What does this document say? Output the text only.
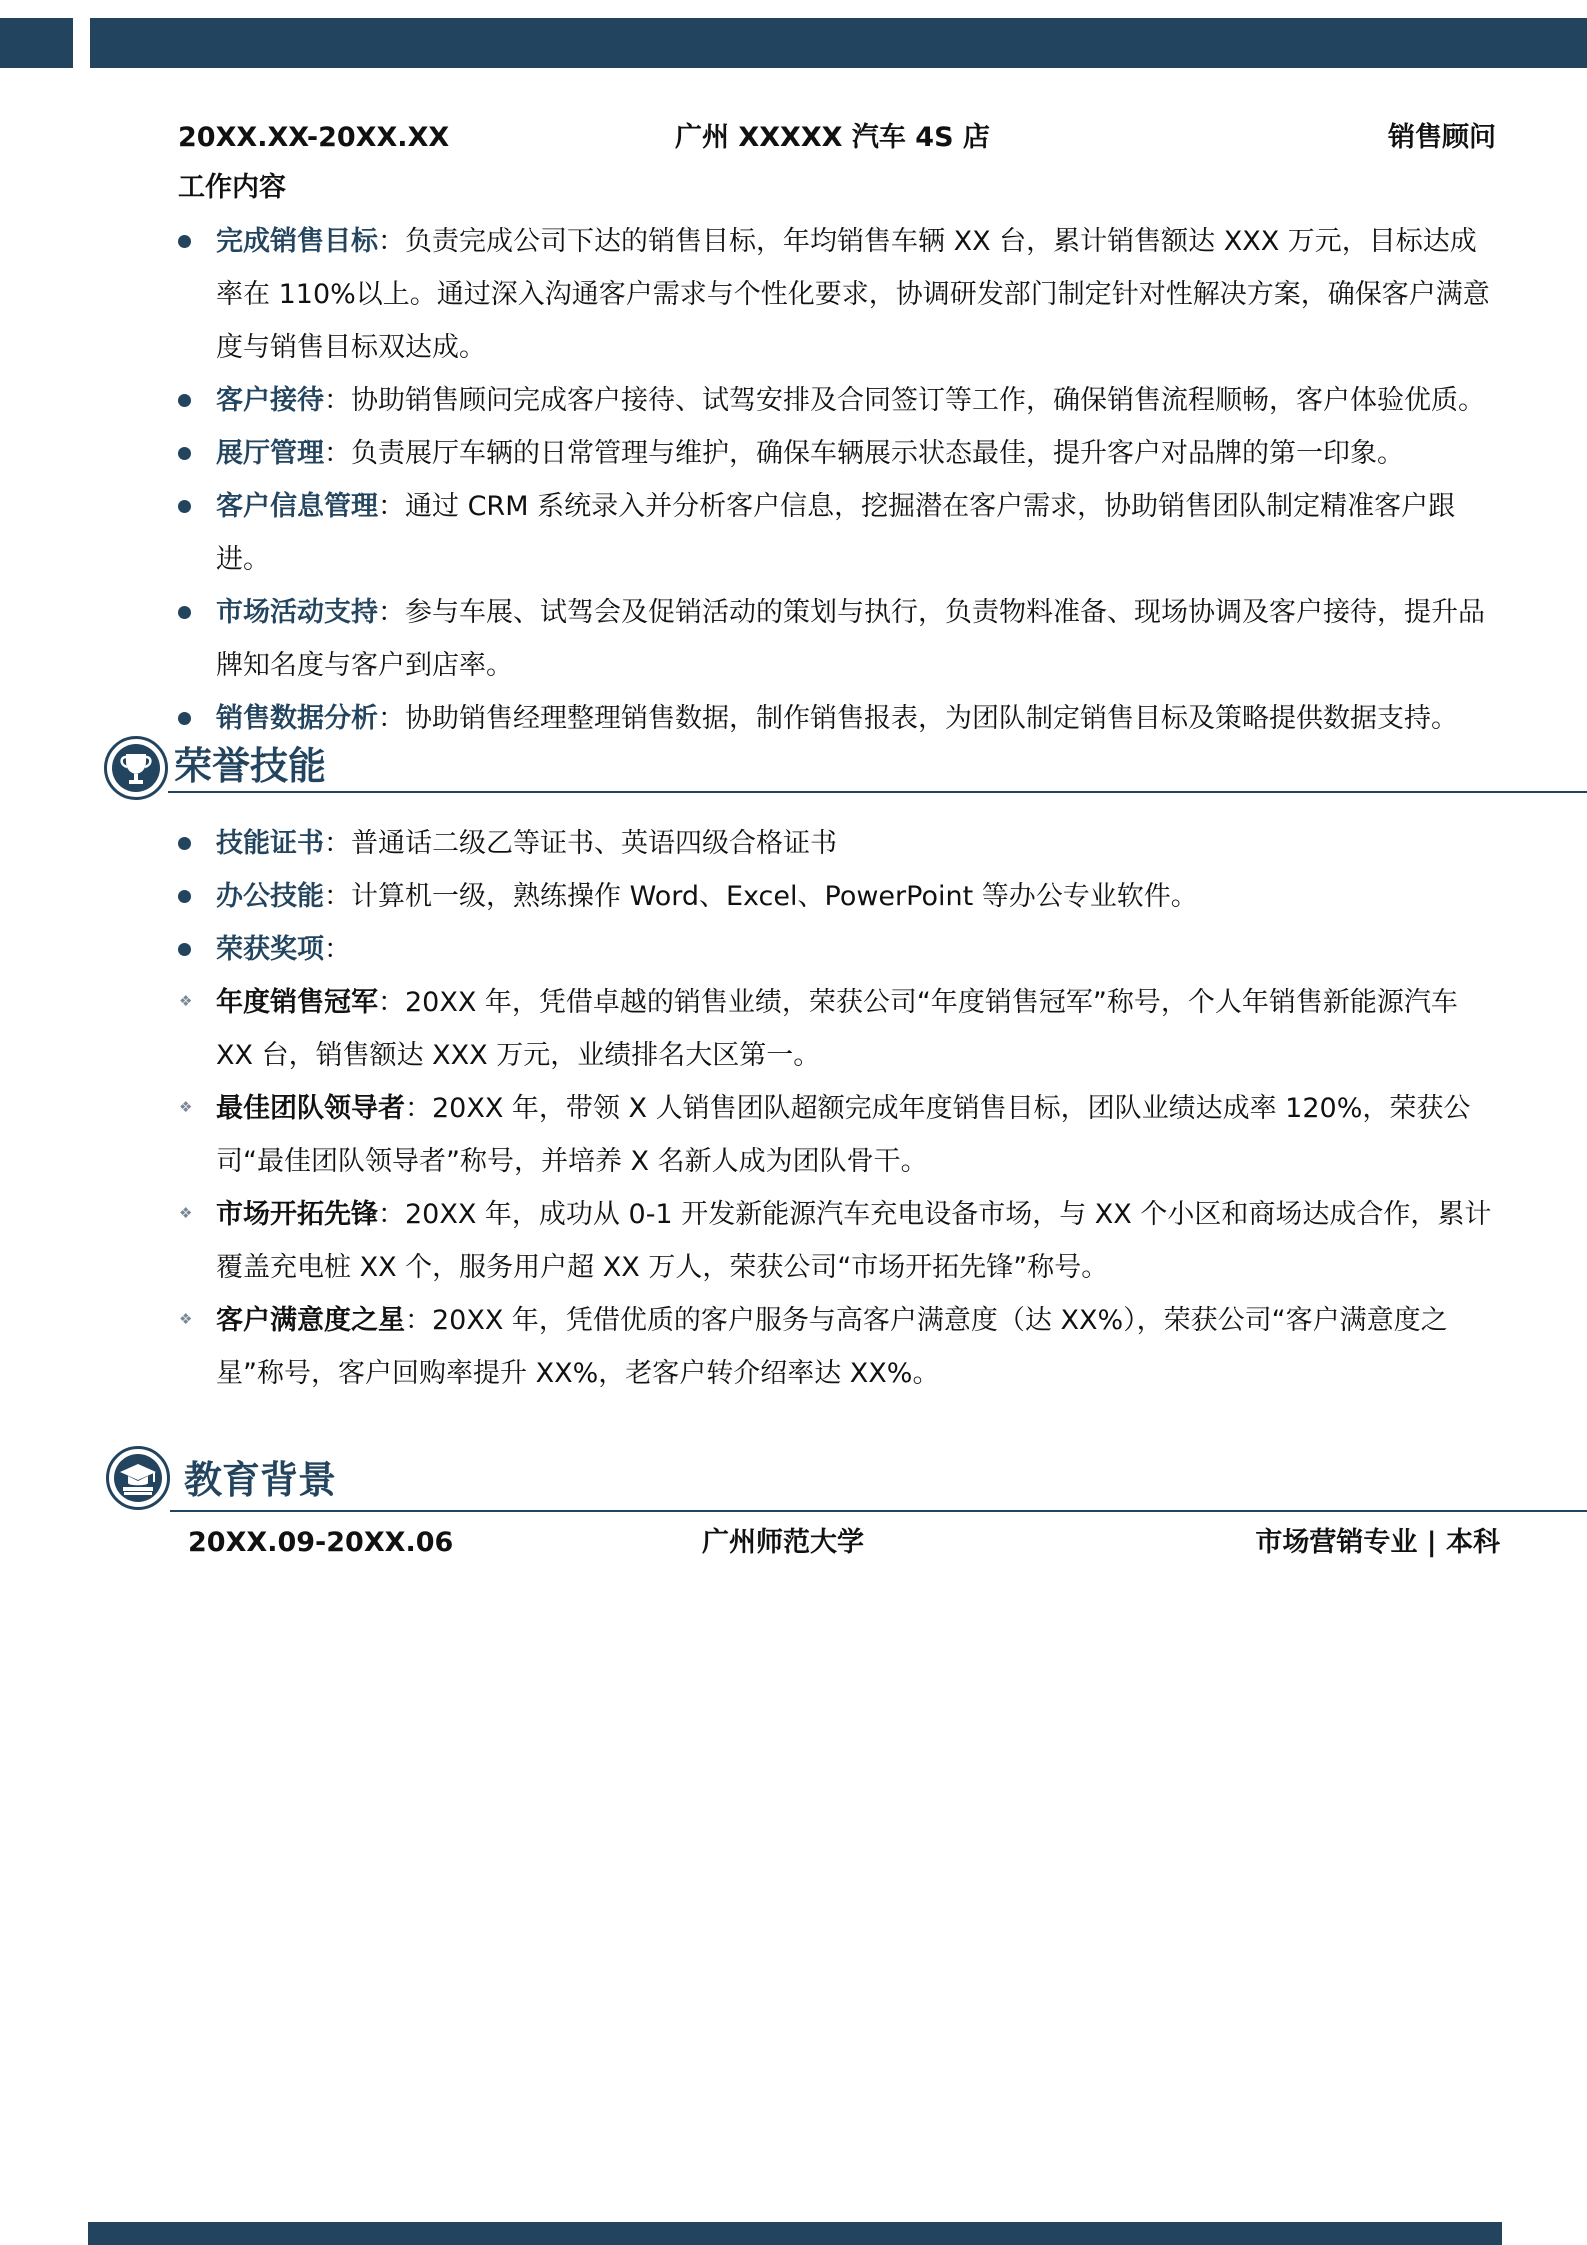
20XX.XX-20XX.XX	广州 XXXXX 汽车 4S 店	销售顾问
工作内容
完成销售目标：负责完成公司下达的销售目标，年均销售车辆 XX 台，累计销售额达 XXX 万元，目标达成率在 110%以上。通过深入沟通客户需求与个性化要求，协调研发部门制定针对性解决方案，确保客户满意度与销售目标双达成。
客户接待：协助销售顾问完成客户接待、试驾安排及合同签订等工作，确保销售流程顺畅，客户体验优质。
展厅管理：负责展厅车辆的日常管理与维护，确保车辆展示状态最佳，提升客户对品牌的第一印象。
客户信息管理：通过 CRM 系统录入并分析客户信息，挖掘潜在客户需求，协助销售团队制定精准客户跟进。
市场活动支持：参与车展、试驾会及促销活动的策划与执行，负责物料准备、现场协调及客户接待，提升品牌知名度与客户到店率。
销售数据分析：协助销售经理整理销售数据，制作销售报表，为团队制定销售目标及策略提供数据支持。
荣誉技能
技能证书：普通话二级乙等证书、英语四级合格证书
办公技能：计算机一级，熟练操作 Word、Excel、PowerPoint 等办公专业软件。
荣获奖项：
❖ 年度销售冠军：20XX 年，凭借卓越的销售业绩，荣获公司“年度销售冠军”称号，个人年销售新能源汽车 XX 台，销售额达 XXX 万元，业绩排名大区第一。
❖ 最佳团队领导者：20XX 年，带领 X 人销售团队超额完成年度销售目标，团队业绩达成率 120%，荣获公司“最佳团队领导者”称号，并培养 X 名新人成为团队骨干。
❖ 市场开拓先锋：20XX 年，成功从 0-1 开发新能源汽车充电设备市场，与 XX 个小区和商场达成合作，累计覆盖充电桩 XX 个，服务用户超 XX 万人，荣获公司“市场开拓先锋”称号。
❖ 客户满意度之星：20XX 年，凭借优质的客户服务与高客户满意度（达 XX%），荣获公司“客户满意度之星”称号，客户回购率提升 XX%，老客户转介绍率达 XX%。
教育背景
20XX.09-20XX.06	广州师范大学	市场营销专业 | 本科
